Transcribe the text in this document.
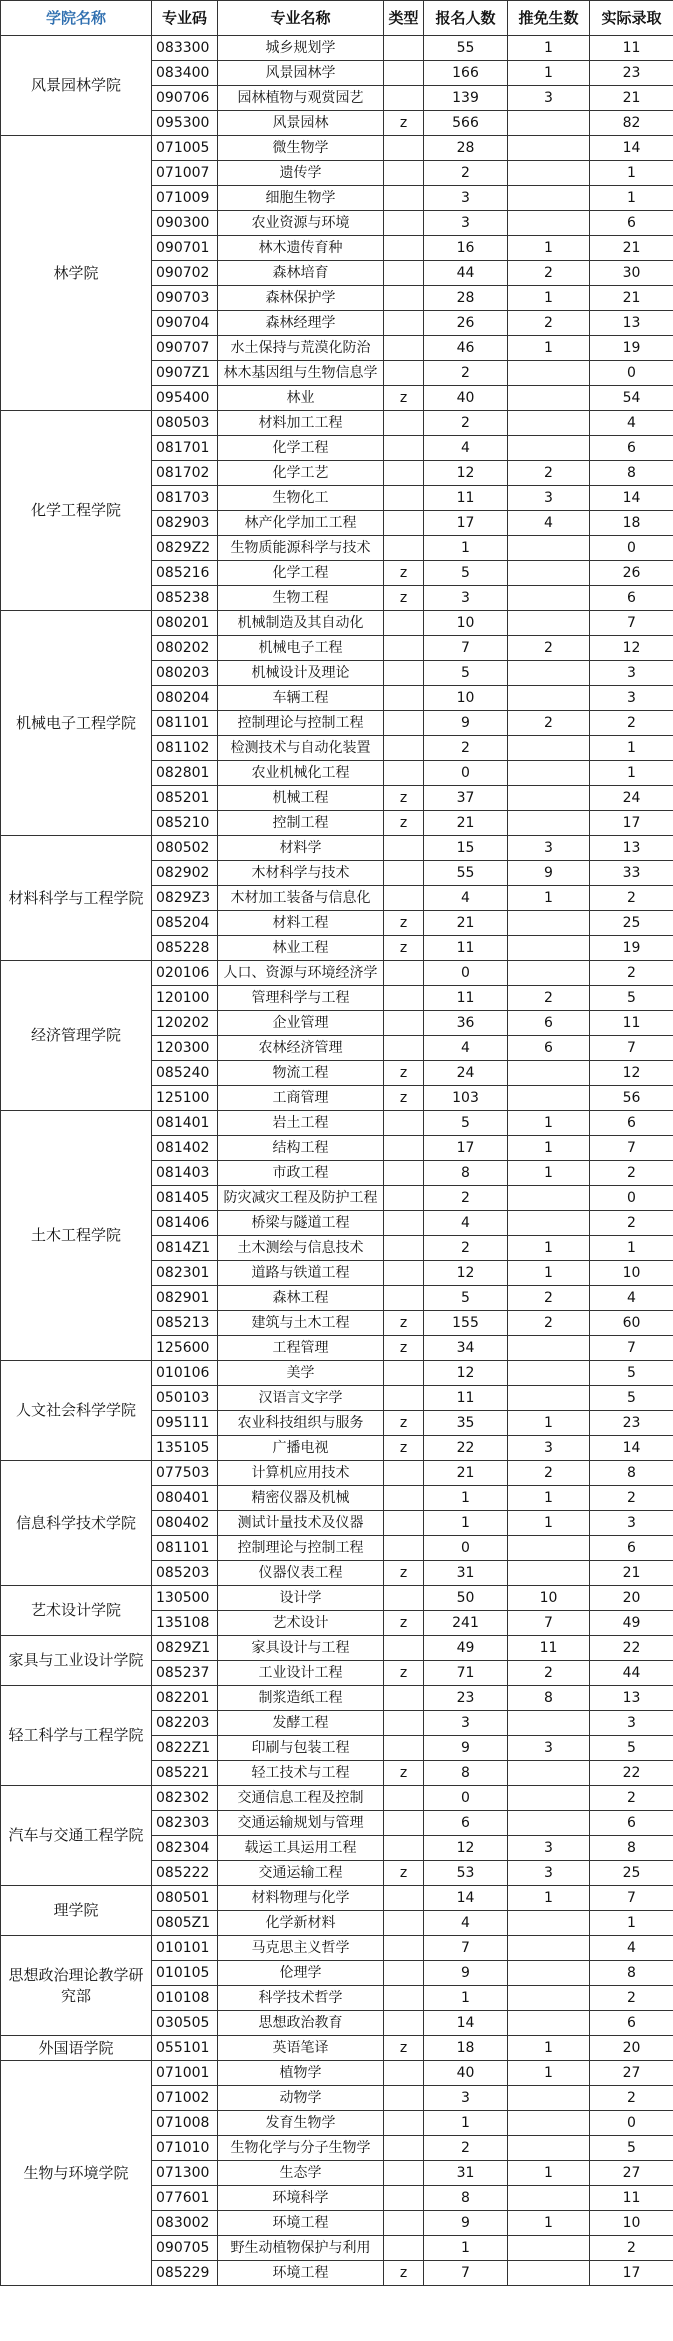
学院名称	专业码	专业名称	类型	报名人数	推免生数	实际录取
风景园林学院	083300	城乡规划学		55	1	11
	083400	风景园林学		166	1	23
	090706	园林植物与观赏园艺		139	3	21
	095300	风景园林	z	566		82
林学院	071005	微生物学		28		14
	071007	遗传学		2		1
	071009	细胞生物学		3		1
	090300	农业资源与环境		3		6
	090701	林木遗传育种		16	1	21
	090702	森林培育		44	2	30
	090703	森林保护学		28	1	21
	090704	森林经理学		26	2	13
	090707	水土保持与荒漠化防治		46	1	19
	0907Z1	林木基因组与生物信息学		2		0
	095400	林业	z	40		54
化学工程学院	080503	材料加工工程		2		4
	081701	化学工程		4		6
	081702	化学工艺		12	2	8
	081703	生物化工		11	3	14
	082903	林产化学加工工程		17	4	18
	0829Z2	生物质能源科学与技术		1		0
	085216	化学工程	z	5		26
	085238	生物工程	z	3		6
机械电子工程学院	080201	机械制造及其自动化		10		7
	080202	机械电子工程		7	2	12
	080203	机械设计及理论		5		3
	080204	车辆工程		10		3
	081101	控制理论与控制工程		9	2	2
	081102	检测技术与自动化装置		2		1
	082801	农业机械化工程		0		1
	085201	机械工程	z	37		24
	085210	控制工程	z	21		17
材料科学与工程学院	080502	材料学		15	3	13
	082902	木材科学与技术		55	9	33
	0829Z3	木材加工装备与信息化		4	1	2
	085204	材料工程	z	21		25
	085228	林业工程	z	11		19
经济管理学院	020106	人口、资源与环境经济学		0		2
	120100	管理科学与工程		11	2	5
	120202	企业管理		36	6	11
	120300	农林经济管理		4	6	7
	085240	物流工程	z	24		12
	125100	工商管理	z	103		56
土木工程学院	081401	岩土工程		5	1	6
	081402	结构工程		17	1	7
	081403	市政工程		8	1	2
	081405	防灾减灾工程及防护工程		2		0
	081406	桥梁与隧道工程		4		2
	0814Z1	土木测绘与信息技术		2	1	1
	082301	道路与铁道工程		12	1	10
	082901	森林工程		5	2	4
	085213	建筑与土木工程	z	155	2	60
	125600	工程管理	z	34		7
人文社会科学学院	010106	美学		12		5
	050103	汉语言文字学		11		5
	095111	农业科技组织与服务	z	35	1	23
	135105	广播电视	z	22	3	14
信息科学技术学院	077503	计算机应用技术		21	2	8
	080401	精密仪器及机械		1	1	2
	080402	测试计量技术及仪器		1	1	3
	081101	控制理论与控制工程		0		6
	085203	仪器仪表工程	z	31		21
艺术设计学院	130500	设计学		50	10	20
	135108	艺术设计	z	241	7	49
家具与工业设计学院	0829Z1	家具设计与工程		49	11	22
	085237	工业设计工程	z	71	2	44
轻工科学与工程学院	082201	制浆造纸工程		23	8	13
	082203	发酵工程		3		3
	0822Z1	印刷与包装工程		9	3	5
	085221	轻工技术与工程	z	8		22
汽车与交通工程学院	082302	交通信息工程及控制		0		2
	082303	交通运输规划与管理		6		6
	082304	载运工具运用工程		12	3	8
	085222	交通运输工程	z	53	3	25
理学院	080501	材料物理与化学		14	1	7
	0805Z1	化学新材料		4		1
思想政治理论教学研究部	010101	马克思主义哲学		7		4
	010105	伦理学		9		8
	010108	科学技术哲学		1		2
	030505	思想政治教育		14		6
外国语学院	055101	英语笔译	z	18	1	20
生物与环境学院	071001	植物学		40	1	27
	071002	动物学		3		2
	071008	发育生物学		1		0
	071010	生物化学与分子生物学		2		5
	071300	生态学		31	1	27
	077601	环境科学		8		11
	083002	环境工程		9	1	10
	090705	野生动植物保护与利用		1		2
	085229	环境工程	z	7		17
